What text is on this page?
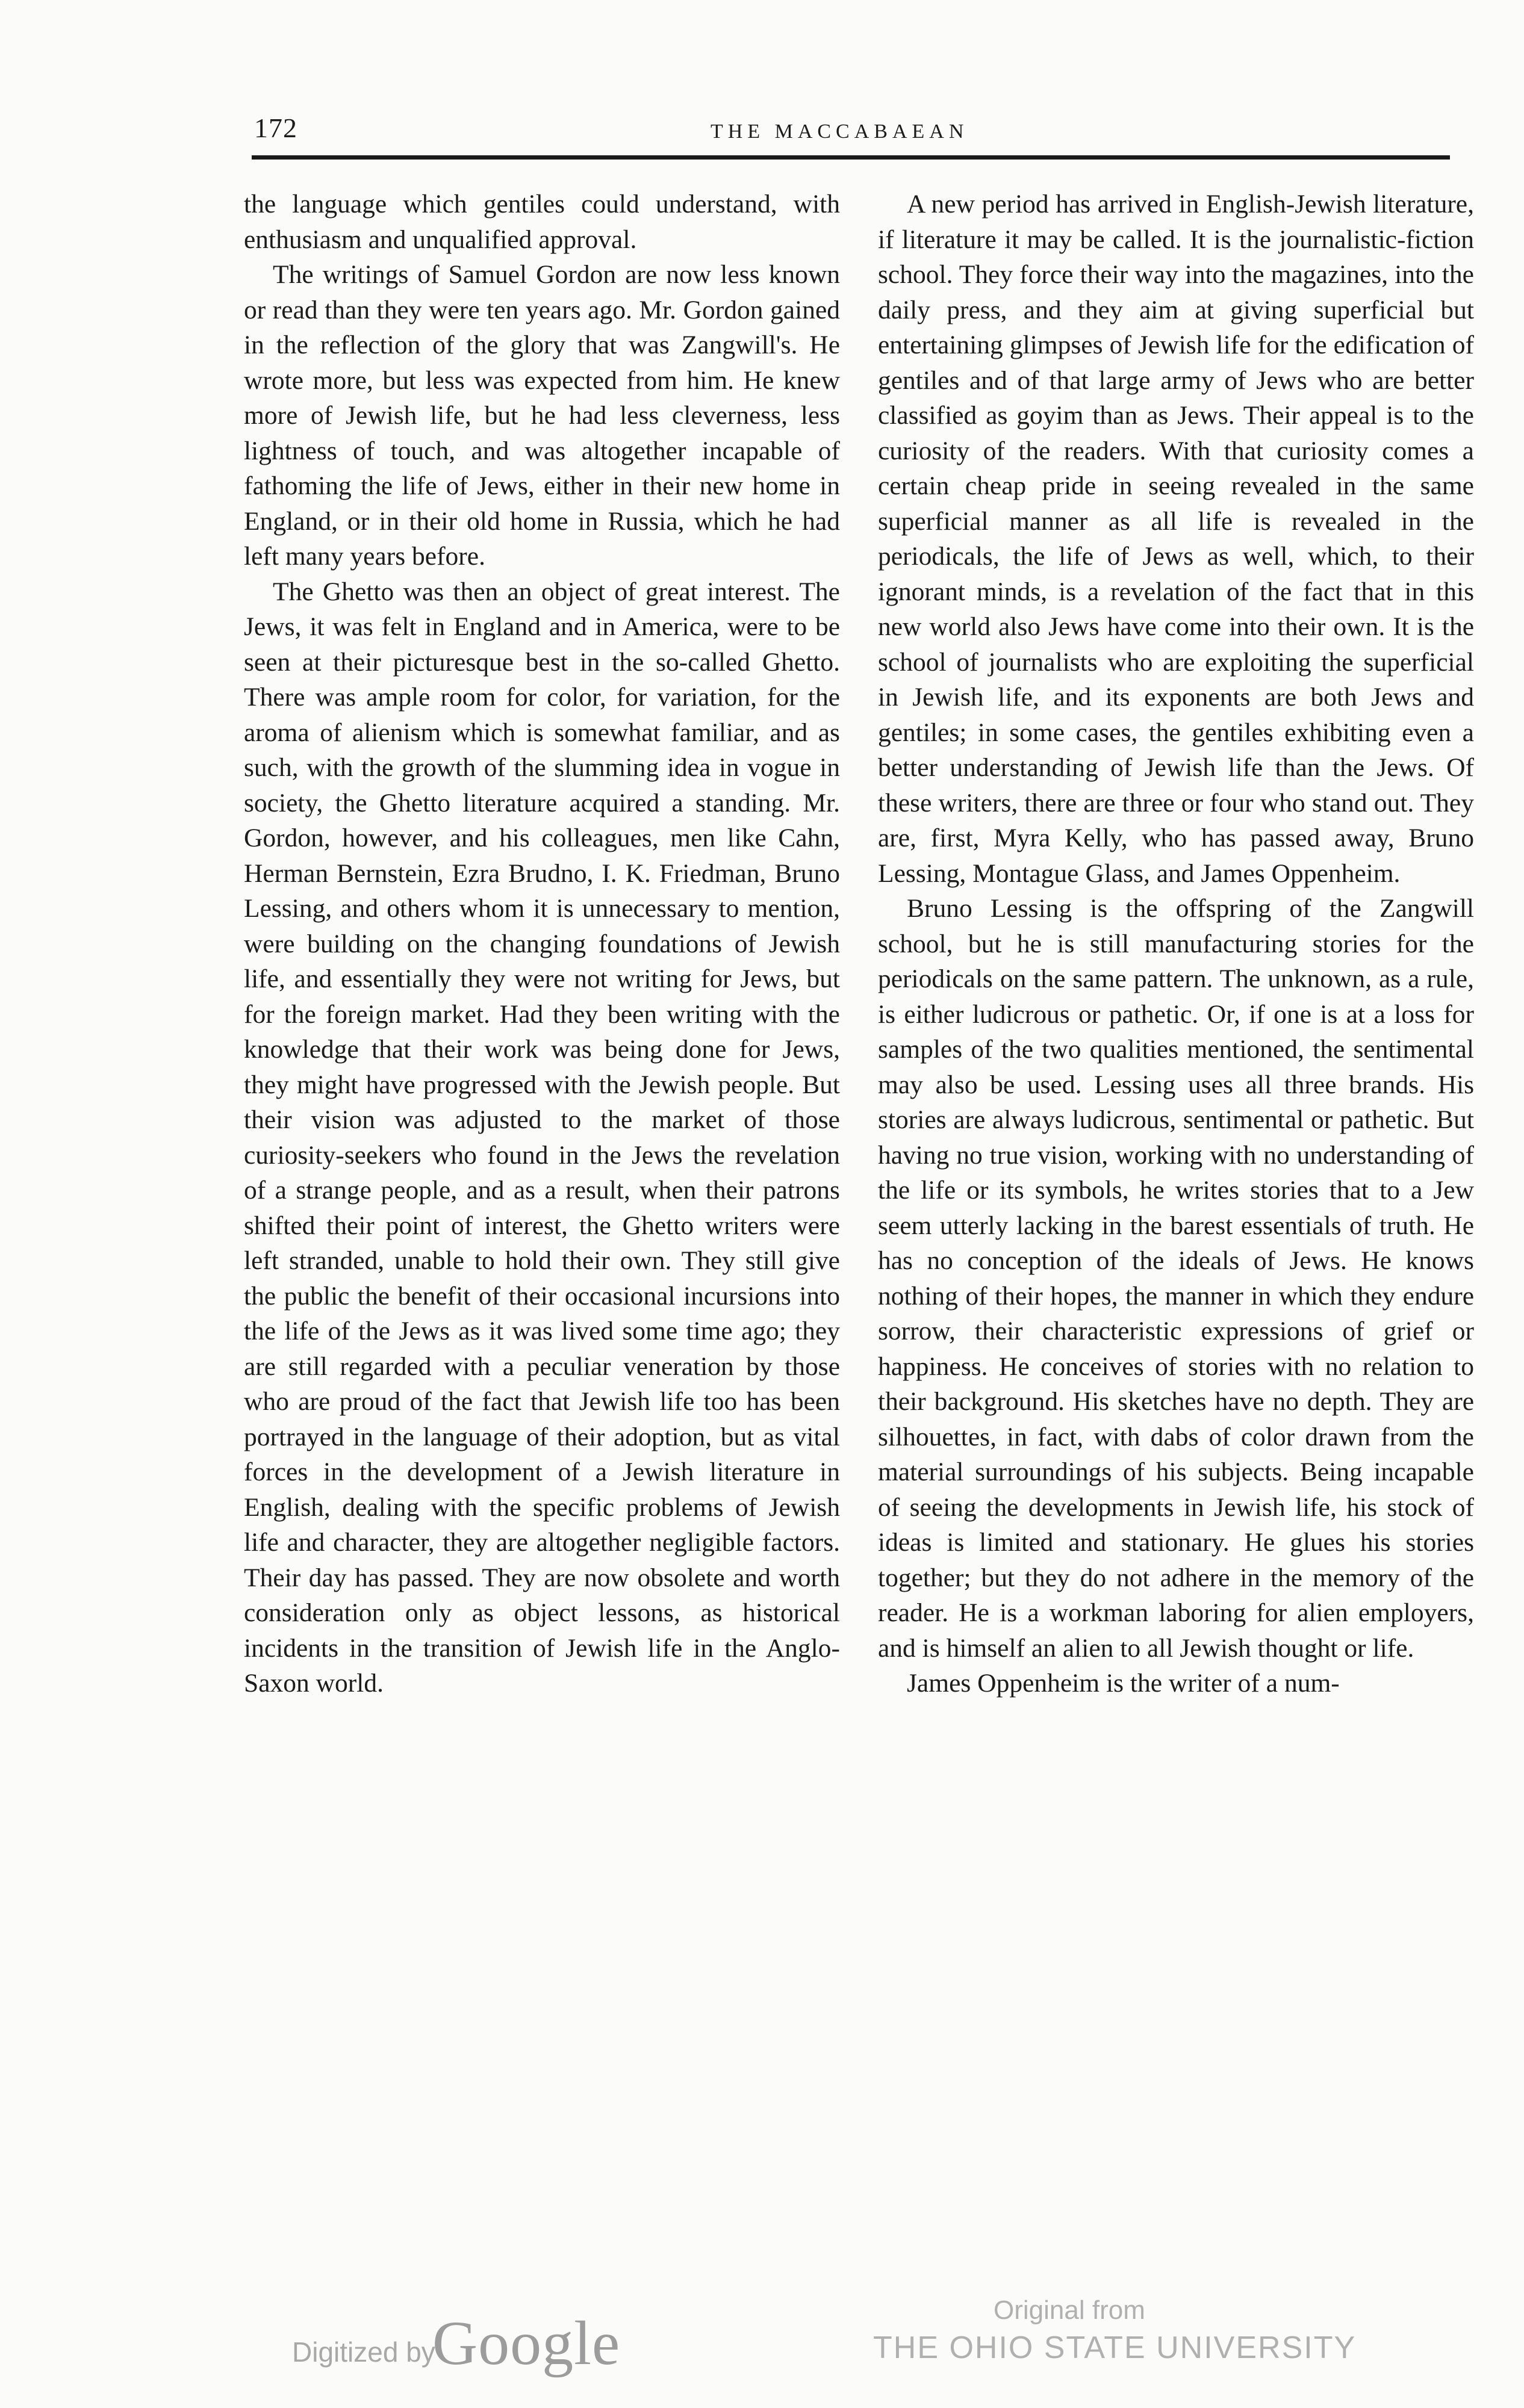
172	THE MACCABAEAN

the language which gentiles could understand, with enthusiasm and unqualified approval.

The writings of Samuel Gordon are now less known or read than they were ten years ago. Mr. Gordon gained in the reflection of the glory that was Zangwill's. He wrote more, but less was expected from him. He knew more of Jewish life, but he had less cleverness, less lightness of touch, and was altogether incapable of fathoming the life of Jews, either in their new home in England, or in their old home in Russia, which he had left many years before.

The Ghetto was then an object of great interest. The Jews, it was felt in England and in America, were to be seen at their picturesque best in the so-called Ghetto. There was ample room for color, for variation, for the aroma of alienism which is somewhat familiar, and as such, with the growth of the slumming idea in vogue in society, the Ghetto literature acquired a standing. Mr. Gordon, however, and his colleagues, men like Cahn, Herman Bernstein, Ezra Brudno, I. K. Friedman, Bruno Lessing, and others whom it is unnecessary to mention, were building on the changing foundations of Jewish life, and essentially they were not writing for Jews, but for the foreign market. Had they been writing with the knowledge that their work was being done for Jews, they might have progressed with the Jewish people. But their vision was adjusted to the market of those curiosity-seekers who found in the Jews the revelation of a strange people, and as a result, when their patrons shifted their point of interest, the Ghetto writers were left stranded, unable to hold their own. They still give the public the benefit of their occasional incursions into the life of the Jews as it was lived some time ago; they are still regarded with a peculiar veneration by those who are proud of the fact that Jewish life too has been portrayed in the language of their adoption, but as vital forces in the development of a Jewish literature in English, dealing with the specific problems of Jewish life and character, they are altogether negligible factors. Their day has passed. They are now obsolete and worth consideration only as object lessons, as historical incidents in the transition of Jewish life in the Anglo-Saxon world.

A new period has arrived in English-Jewish literature, if literature it may be called. It is the journalistic-fiction school. They force their way into the magazines, into the daily press, and they aim at giving superficial but entertaining glimpses of Jewish life for the edification of gentiles and of that large army of Jews who are better classified as goyim than as Jews. Their appeal is to the curiosity of the readers. With that curiosity comes a certain cheap pride in seeing revealed in the same superficial manner as all life is revealed in the periodicals, the life of Jews as well, which, to their ignorant minds, is a revelation of the fact that in this new world also Jews have come into their own. It is the school of journalists who are exploiting the superficial in Jewish life, and its exponents are both Jews and gentiles; in some cases, the gentiles exhibiting even a better understanding of Jewish life than the Jews. Of these writers, there are three or four who stand out. They are, first, Myra Kelly, who has passed away, Bruno Lessing, Montague Glass, and James Oppenheim.

Bruno Lessing is the offspring of the Zangwill school, but he is still manufacturing stories for the periodicals on the same pattern. The unknown, as a rule, is either ludicrous or pathetic. Or, if one is at a loss for samples of the two qualities mentioned, the sentimental may also be used. Lessing uses all three brands. His stories are always ludicrous, sentimental or pathetic. But having no true vision, working with no understanding of the life or its symbols, he writes stories that to a Jew seem utterly lacking in the barest essentials of truth. He has no conception of the ideals of Jews. He knows nothing of their hopes, the manner in which they endure sorrow, their characteristic expressions of grief or happiness. He conceives of stories with no relation to their background. His sketches have no depth. They are silhouettes, in fact, with dabs of color drawn from the material surroundings of his subjects. Being incapable of seeing the developments in Jewish life, his stock of ideas is limited and stationary. He glues his stories together; but they do not adhere in the memory of the reader. He is a workman laboring for alien employers, and is himself an alien to all Jewish thought or life.

James Oppenheim is the writer of a num-

Digitized by
Google	Original from
THE OHIO STATE UNIVERSITY
